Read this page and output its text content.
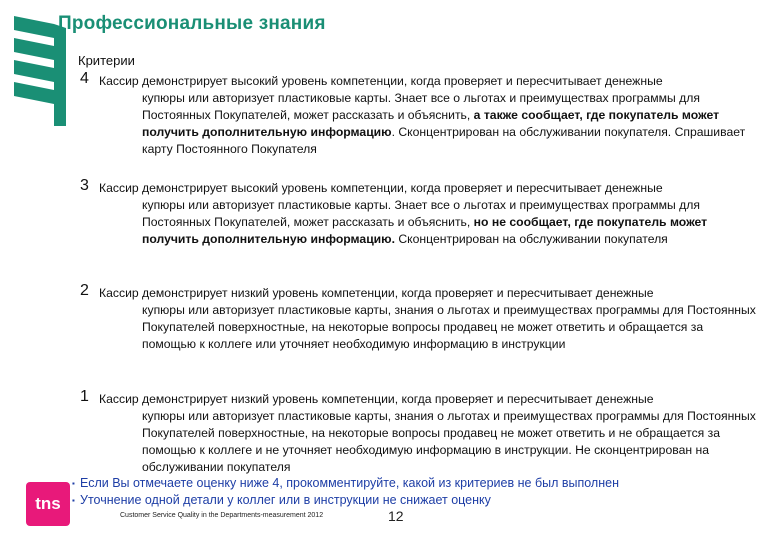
Профессиональные знания
Критерии
4 Кассир демонстрирует высокий уровень компетенции, когда проверяет и пересчитывает денежные
купюры или авторизует пластиковые карты. Знает все о льготах и преимуществах программы для Постоянных Покупателей, может рассказать и объяснить, а также сообщает, где покупатель может получить дополнительную информацию. Сконцентрирован на обслуживании покупателя. Спрашивает карту Постоянного Покупателя
3 Кассир демонстрирует высокий уровень компетенции, когда проверяет и пересчитывает денежные
купюры или авторизует пластиковые карты. Знает все о льготах и преимуществах программы для Постоянных Покупателей, может рассказать и объяснить, но не сообщает, где покупатель может получить дополнительную информацию. Сконцентрирован на обслуживании покупателя
2 Кассир демонстрирует низкий уровень компетенции, когда проверяет и пересчитывает денежные
купюры или авторизует пластиковые карты, знания о льготах и преимуществах программы для Постоянных Покупателей поверхностные, на некоторые вопросы продавец не может ответить и обращается за помощью к коллеге или уточняет необходимую информацию в инструкции
1 Кассир демонстрирует низкий уровень компетенции, когда проверяет и пересчитывает денежные
купюры или авторизует пластиковые карты, знания о льготах и преимуществах программы для Постоянных Покупателей поверхностные, на некоторые вопросы продавец не может ответить и не обращается за помощью к коллеге и не уточняет необходимую информацию в инструкции. Не сконцентрирован на обслуживании покупателя
▪ Если Вы отмечаете оценку ниже 4, прокомментируйте, какой из критериев не был выполнен
▪ Уточнение одной детали у коллег или в инструкции не снижает оценку
tns
Customer Service Quality in the Departments-measurement 2012	12
